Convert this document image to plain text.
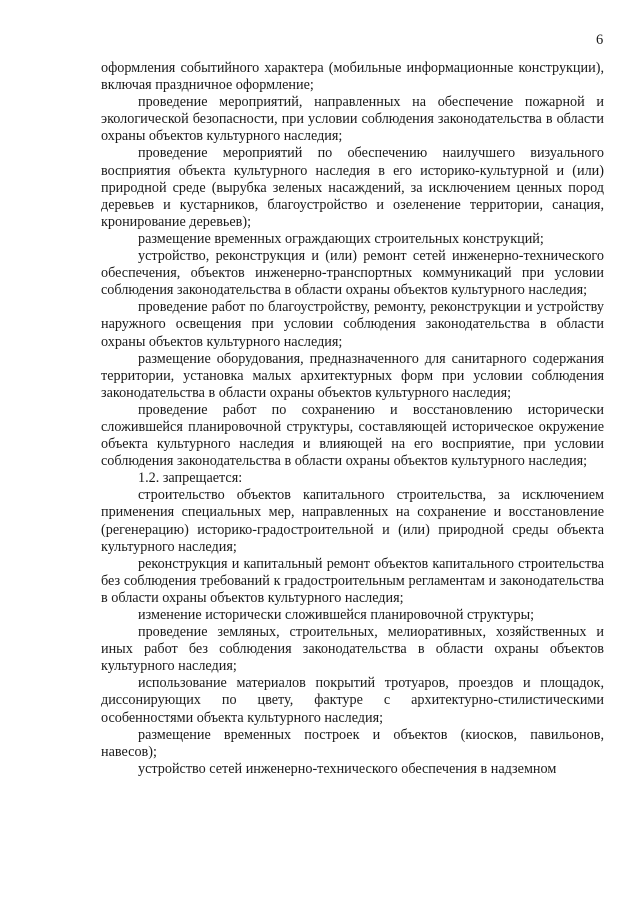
6

оформления событийного характера (мобильные информационные конструкции), включая праздничное оформление;

проведение мероприятий, направленных на обеспечение пожарной и экологической безопасности, при условии соблюдения законодательства в области охраны объектов культурного наследия;

проведение мероприятий по обеспечению наилучшего визуального восприятия объекта культурного наследия в его историко-культурной и (или) природной среде (вырубка зеленых насаждений, за исключением ценных пород деревьев и кустарников, благоустройство и озеленение территории, санация, кронирование деревьев);

размещение временных ограждающих строительных конструкций;

устройство, реконструкция и (или) ремонт сетей инженерно-технического обеспечения, объектов инженерно-транспортных коммуникаций при условии соблюдения законодательства в области охраны объектов культурного наследия;

проведение работ по благоустройству, ремонту, реконструкции и устройству наружного освещения при условии соблюдения законодательства в области охраны объектов культурного наследия;

размещение оборудования, предназначенного для санитарного содержания территории, установка малых архитектурных форм при условии соблюдения законодательства в области охраны объектов культурного наследия;

проведение работ по сохранению и восстановлению исторически сложившейся планировочной структуры, составляющей историческое окружение объекта культурного наследия и влияющей на его восприятие, при условии соблюдения законодательства в области охраны объектов культурного наследия;

1.2. запрещается:

строительство объектов капитального строительства, за исключением применения специальных мер, направленных на сохранение и восстановление (регенерацию) историко-градостроительной и (или) природной среды объекта культурного наследия;

реконструкция и капитальный ремонт объектов капитального строительства без соблюдения требований к градостроительным регламентам и законодательства в области охраны объектов культурного наследия;

изменение исторически сложившейся планировочной структуры;

проведение земляных, строительных, мелиоративных, хозяйственных и иных работ без соблюдения законодательства в области охраны объектов культурного наследия;

использование материалов покрытий тротуаров, проездов и площадок, диссонирующих по цвету, фактуре с архитектурно-стилистическими особенностями объекта культурного наследия;

размещение временных построек и объектов (киосков, павильонов, навесов);

устройство сетей инженерно-технического обеспечения в надземном
